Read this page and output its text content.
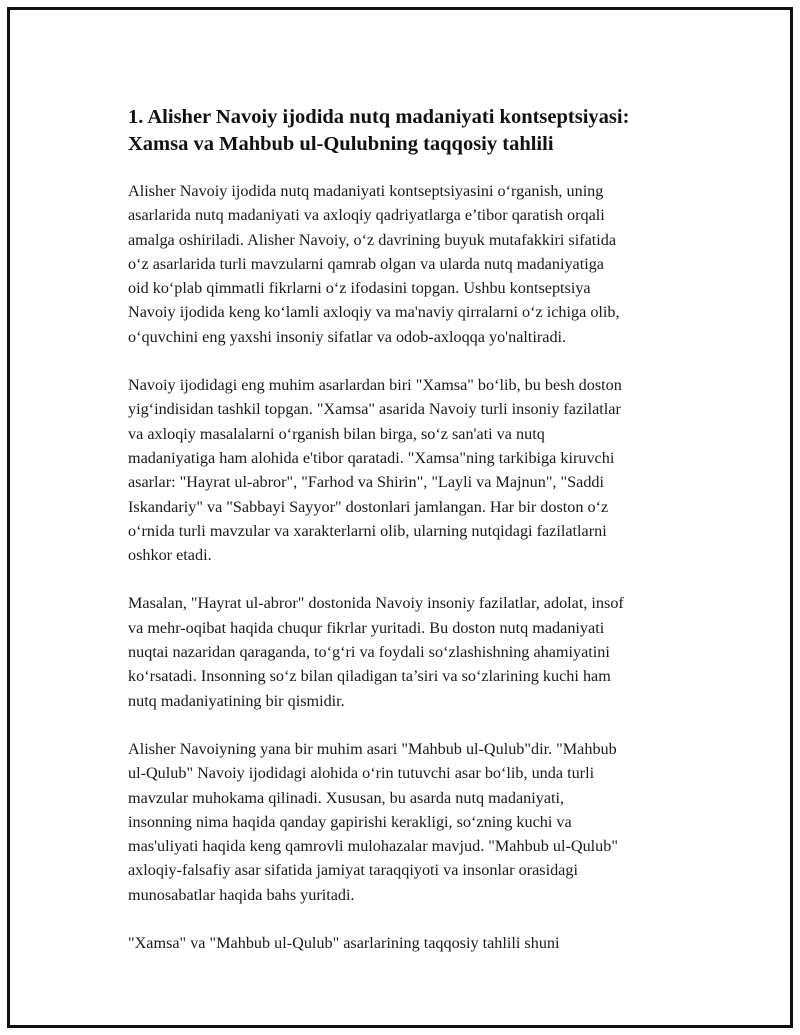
1. Alisher Navoiy ijodida nutq madaniyati kontseptsiyasi:
Xamsa va Mahbub ul-Qulubning taqqosiy tahlili

Alisher Navoiy ijodida nutq madaniyati kontseptsiyasini oʻrganish, uning
asarlarida nutq madaniyati va axloqiy qadriyatlarga e’tibor qaratish orqali
amalga oshiriladi. Alisher Navoiy, oʻz davrining buyuk mutafakkiri sifatida
oʻz asarlarida turli mavzularni qamrab olgan va ularda nutq madaniyatiga
oid koʻplab qimmatli fikrlarni oʻz ifodasini topgan. Ushbu kontseptsiya
Navoiy ijodida keng koʻlamli axloqiy va ma'naviy qirralarni oʻz ichiga olib,
oʻquvchini eng yaxshi insoniy sifatlar va odob-axloqqa yo'naltiradi.

Navoiy ijodidagi eng muhim asarlardan biri "Xamsa" boʻlib, bu besh doston
yigʻindisidan tashkil topgan. "Xamsa" asarida Navoiy turli insoniy fazilatlar
va axloqiy masalalarni oʻrganish bilan birga, soʻz san'ati va nutq
madaniyatiga ham alohida e'tibor qaratadi. "Xamsa"ning tarkibiga kiruvchi
asarlar: "Hayrat ul-abror", "Farhod va Shirin", "Layli va Majnun", "Saddi
Iskandariy" va "Sabbayi Sayyor" dostonlari jamlangan. Har bir doston oʻz
oʻrnida turli mavzular va xarakterlarni olib, ularning nutqidagi fazilatlarni
oshkor etadi.

Masalan, "Hayrat ul-abror" dostonida Navoiy insoniy fazilatlar, adolat, insof
va mehr-oqibat haqida chuqur fikrlar yuritadi. Bu doston nutq madaniyati
nuqtai nazaridan qaraganda, toʻgʻri va foydali soʻzlashishning ahamiyatini
koʻrsatadi. Insonning soʻz bilan qiladigan ta’siri va soʻzlarining kuchi ham
nutq madaniyatining bir qismidir.

Alisher Navoiyning yana bir muhim asari "Mahbub ul-Qulub"dir. "Mahbub
ul-Qulub" Navoiy ijodidagi alohida oʻrin tutuvchi asar boʻlib, unda turli
mavzular muhokama qilinadi. Xususan, bu asarda nutq madaniyati,
insonning nima haqida qanday gapirishi kerakligi, soʻzning kuchi va
mas'uliyati haqida keng qamrovli mulohazalar mavjud. "Mahbub ul-Qulub"
axloqiy-falsafiy asar sifatida jamiyat taraqqiyoti va insonlar orasidagi
munosabatlar haqida bahs yuritadi.

"Xamsa" va "Mahbub ul-Qulub" asarlarining taqqosiy tahlili shuni
